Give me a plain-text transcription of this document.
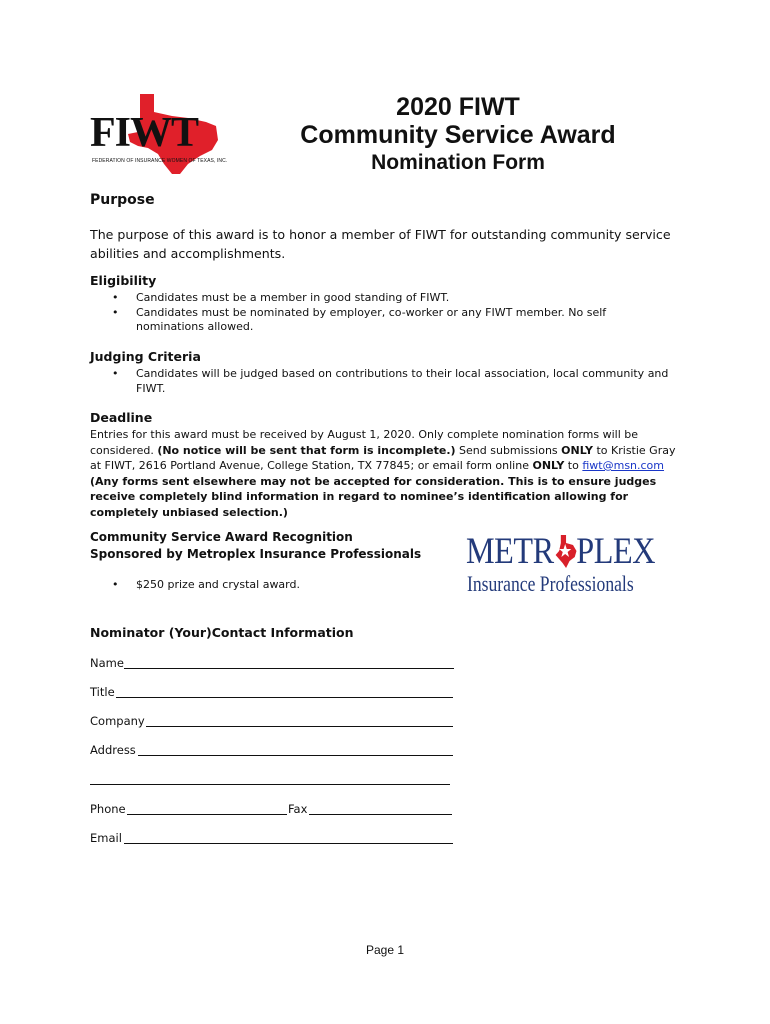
FIWT
FEDERATION OF INSURANCE WOMEN OF TEXAS, INC.
2020 FIWT
Community Service Award
Nomination Form
Purpose
The purpose of this award is to honor a member of FIWT for outstanding community service abilities and accomplishments.
Eligibility

• Candidates must be a member in good standing of FIWT.

• Candidates must be nominated by employer, co-worker or any FIWT member. No self nominations allowed.

Judging Criteria

• Candidates will be judged based on contributions to their local association, local community and FIWT.

Deadline
Entries for this award must be received by August 1, 2020. Only complete nomination forms will be considered. (No notice will be sent that form is incomplete.) Send submissions ONLY to Kristie Gray at FIWT, 2616 Portland Avenue, College Station, TX 77845; or email form online ONLY to fiwt@msn.com (Any forms sent elsewhere may not be accepted for consideration. This is to ensure judges receive completely blind information in regard to nominee’s identification allowing for completely unbiased selection.)
Community Service Award Recognition
Sponsored by Metroplex Insurance Professionals

• $250 prize and crystal award.

METR PLEX
Insurance Professionals
Nominator (Your)Contact Information
Name
Title
Company
Address
Phone	Fax
Email
Page 1
